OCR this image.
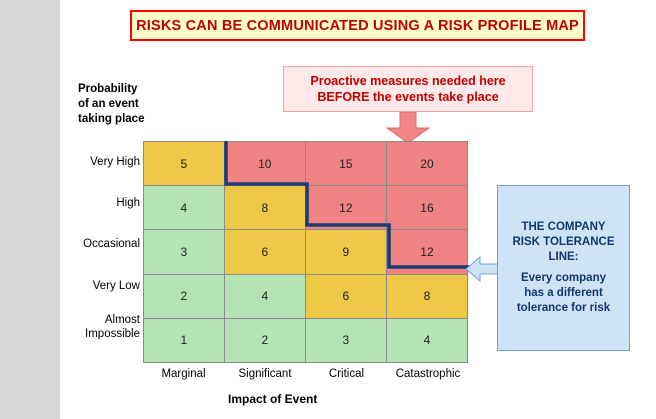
RISKS CAN BE COMMUNICATED USING A RISK PROFILE MAP
Proactive measures needed here
BEFORE the events take place
Probability
of an event
taking place
Very High
High
Occasional
Very Low
Almost
Impossible
5	10	15	20
4	8	12	16
3	6	9	12
2	4	6	8
1	2	3	4
Marginal	Significant	Critical	Catastrophic
Impact of Event
THE COMPANY
RISK TOLERANCE
LINE:
Every company
has a different
tolerance for risk
